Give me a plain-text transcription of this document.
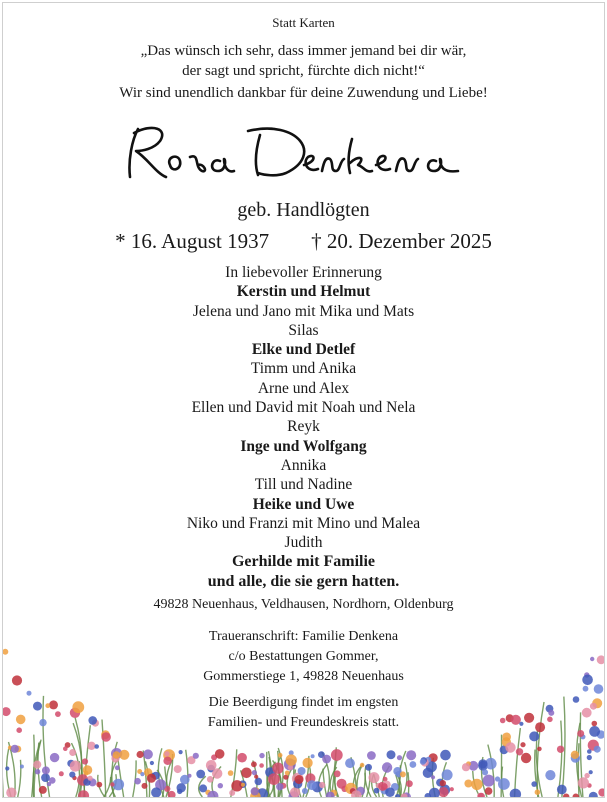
Statt Karten
„Das wünsch ich sehr, dass immer jemand bei dir wär,
der sagt und spricht, fürchte dich nicht!“
Wir sind unendlich dankbar für deine Zuwendung und Liebe!
geb. Handlögten
* 16. August 1937 † 20. Dezember 2025
In liebevoller Erinnerung
Kerstin und Helmut
Jelena und Jano mit Mika und Mats
Silas
Elke und Detlef
Timm und Anika
Arne und Alex
Ellen und David mit Noah und Nela
Reyk
Inge und Wolfgang
Annika
Till und Nadine
Heike und Uwe
Niko und Franzi mit Mino und Malea
Judith
Gerhilde mit Familie
und alle, die sie gern hatten.
49828 Neuenhaus, Veldhausen, Nordhorn, Oldenburg
Traueranschrift: Familie Denkena
c/o Bestattungen Gommer,
Gommerstiege 1, 49828 Neuenhaus
Die Beerdigung findet im engsten
Familien- und Freundeskreis statt.
